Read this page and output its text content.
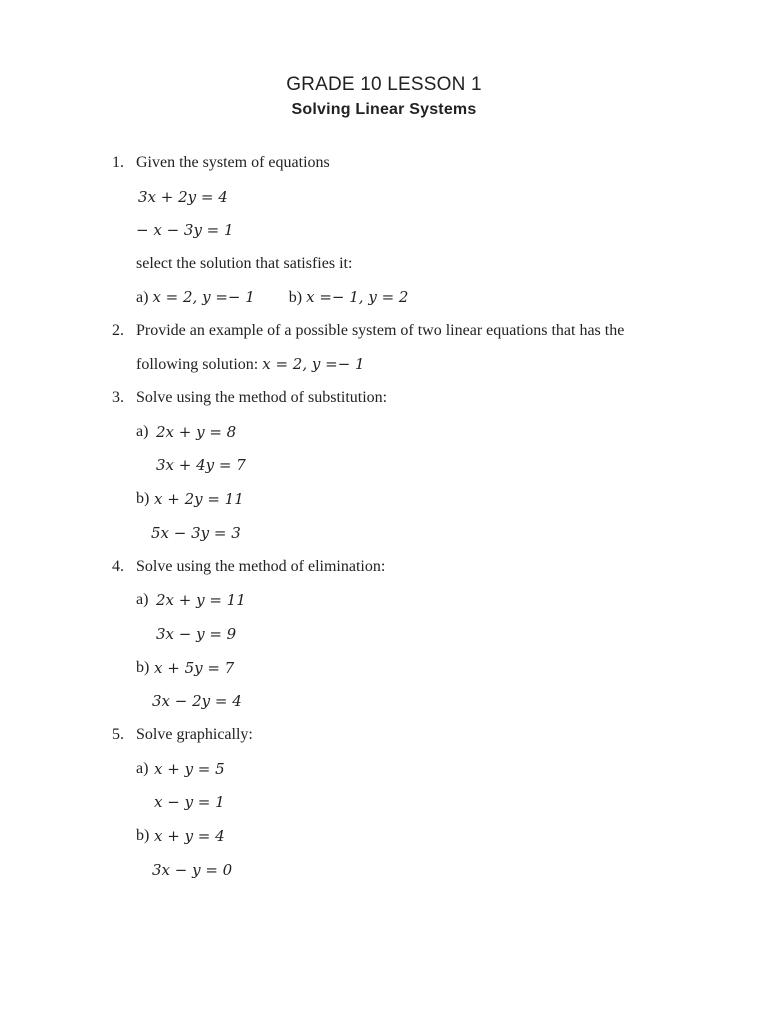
GRADE 10 LESSON 1
Solving Linear Systems
1. Given the system of equations
3x + 2y = 4
− x − 3y = 1
select the solution that satisfies it:
a) x = 2, y =− 1 b) x =− 1, y = 2
2. Provide an example of a possible system of two linear equations that has the
following solution: x = 2, y =− 1
3. Solve using the method of substitution:
a) 2x + y = 8
3x + 4y = 7
b) x + 2y = 11
5x − 3y = 3
4. Solve using the method of elimination:
a) 2x + y = 11
3x − y = 9
b) x + 5y = 7
3x − 2y = 4
5. Solve graphically:
a) x + y = 5
x − y = 1
b) x + y = 4
3x − y = 0
